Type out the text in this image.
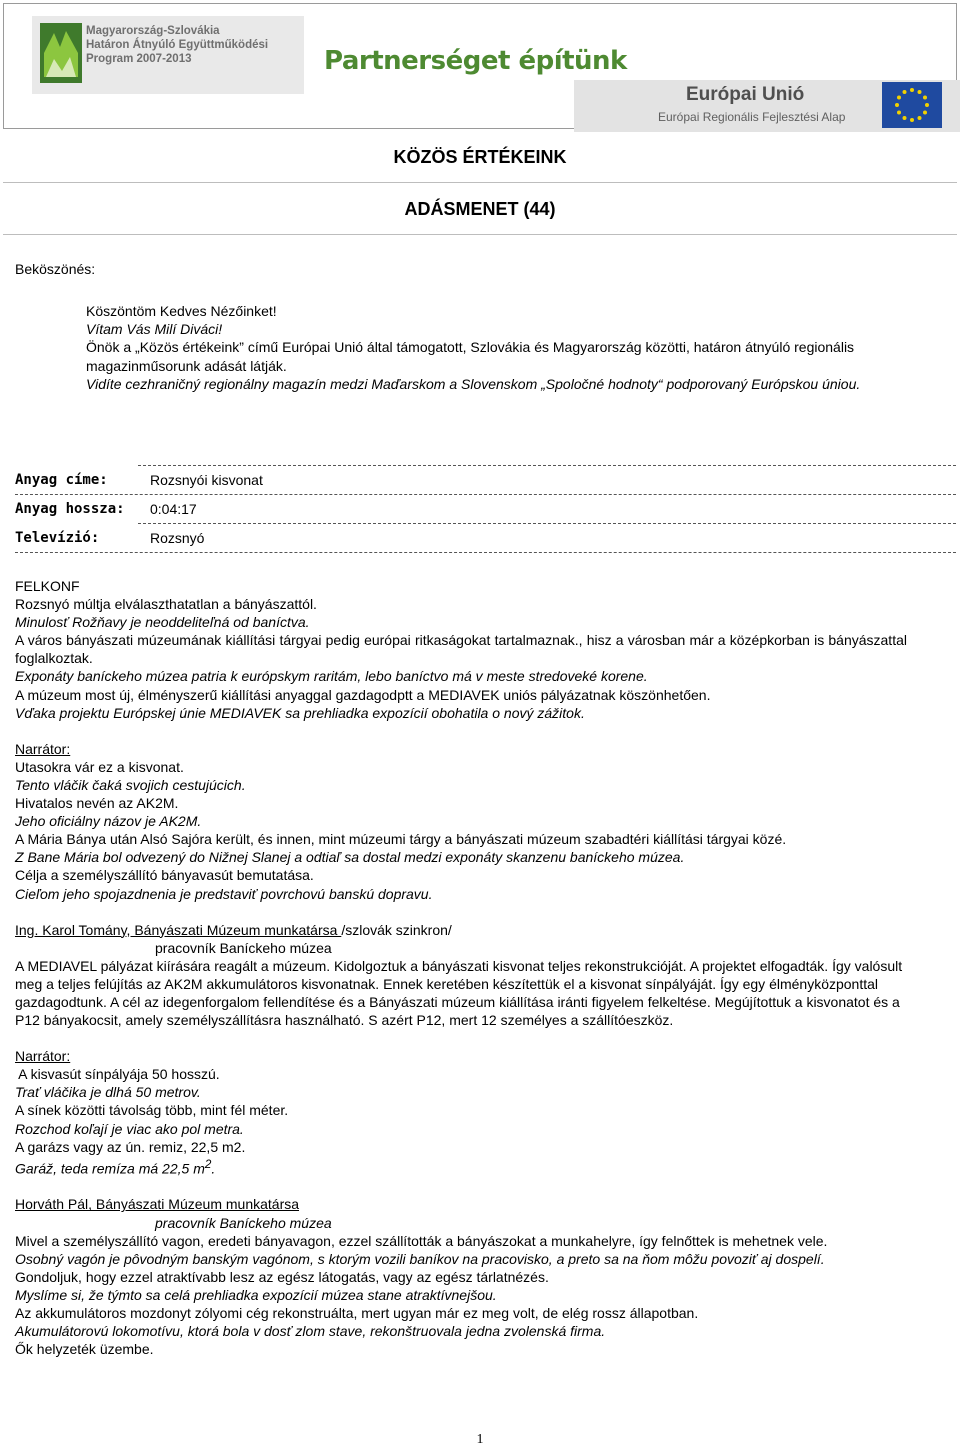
Magyarország-Szlovákia
Határon Átnyúló Együttműködési
Program 2007-2013	Partnerséget építünk
Európai Unió
Európai Regionális Fejlesztési Alap
KÖZÖS ÉRTÉKEINK
ADÁSMENET (44)
Beköszönés:
Köszöntöm Kedves Nézőinket!
Vítam Vás Milí Diváci!
Önök a „Közös értékeink” című Európai Unió által támogatott, Szlovákia és Magyarország közötti, határon átnyúló regionális magazinműsorunk adását látják.
Vidíte cezhraničný regionálny magazín medzi Maďarskom a Slovenskom „Spoločné hodnoty“ podporovaný Európskou úniou.
Anyag címe:	Rozsnyói kisvonat
Anyag hossza: 0:04:17
Televízió:	Rozsnyó

FELKONF

Rozsnyó múltja elválaszthatatlan a bányászattól.

Minulosť Rožňavy je neoddeliteľná od baníctva.

A város bányászati múzeumának kiállítási tárgyai pedig európai ritkaságokat tartalmaznak., hisz a városban már a középkorban is bányászattal foglalkoztak.

Exponáty baníckeho múzea patria k európskym raritám, lebo baníctvo má v meste stredoveké korene.

A múzeum most új, élményszerű kiállítási anyaggal gazdagodptt a MEDIAVEK uniós pályázatnak köszönhetően.

Vďaka projektu Európskej únie MEDIAVEK sa prehliadka expozícií obohatila o nový zážitok.

Narrátor:

Utasokra vár ez a kisvonat.

Tento vláčik čaká svojich cestujúcich.

Hivatalos nevén az AK2M.

Jeho oficiálny názov je AK2M.

A Mária Bánya után Alsó Sajóra került, és innen, mint múzeumi tárgy a bányászati múzeum szabadtéri kiállítási tárgyai közé.

Z Bane Mária bol odvezený do Nižnej Slanej a odtiaľ sa dostal medzi exponáty skanzenu baníckeho múzea.

Célja a személyszállító bányavasút bemutatása.

Cieľom jeho spojazdnenia je predstaviť povrchovú banskú dopravu.

Ing. Karol Tomány, Bányászati Múzeum munkatársa /szlovák szinkron/

pracovník Baníckeho múzea

A MEDIAVEL pályázat kiírására reagált a múzeum. Kidolgoztuk a bányászati kisvonat teljes rekonstrukcióját. A projektet elfogadták. Így valósult meg a teljes felújítás az AK2M akkumulátoros kisvonatnak. Ennek keretében készítettük el a kisvonat sínpályáját. Így egy élményközponttal gazdagodtunk. A cél az idegenforgalom fellendítése és a Bányászati múzeum kiállítása iránti figyelem felkeltése. Megújítottuk a kisvonatot és a P12 bányakocsit, amely személyszállításra használható. S azért P12, mert 12 személyes a szállítóeszköz.

Narrátor:

A kisvasút sínpályája 50 hosszú.

Trať vláčika je dlhá 50 metrov.

A sínek közötti távolság több, mint fél méter.

Rozchod koľají je viac ako pol metra.

A garázs vagy az ún. remiz, 22,5 m2.

Garáž, teda remíza má 22,5 $m^2$.

Horváth Pál, Bányászati Múzeum munkatársa

pracovník Baníckeho múzea

Mivel a személyszállító vagon, eredeti bányavagon, ezzel szállították a bányászokat a munkahelyre, így felnőttek is mehetnek vele.

Osobný vagón je pôvodným banským vagónom, s ktorým vozili baníkov na pracovisko, a preto sa na ňom môžu povoziť aj dospelí.

Gondoljuk, hogy ezzel atraktívabb lesz az egész látogatás, vagy az egész tárlatnézés.

Myslíme si, že týmto sa celá prehliadka expozícií múzea stane atraktívnejšou.

Az akkumulátoros mozdonyt zólyomi cég rekonstruálta, mert ugyan már ez meg volt, de elég rossz állapotban.

Akumulátorovú lokomotívu, ktorá bola v dosť zlom stave, rekonštruovala jedna zvolenská firma.

Ők helyzeték üzembe.

1
